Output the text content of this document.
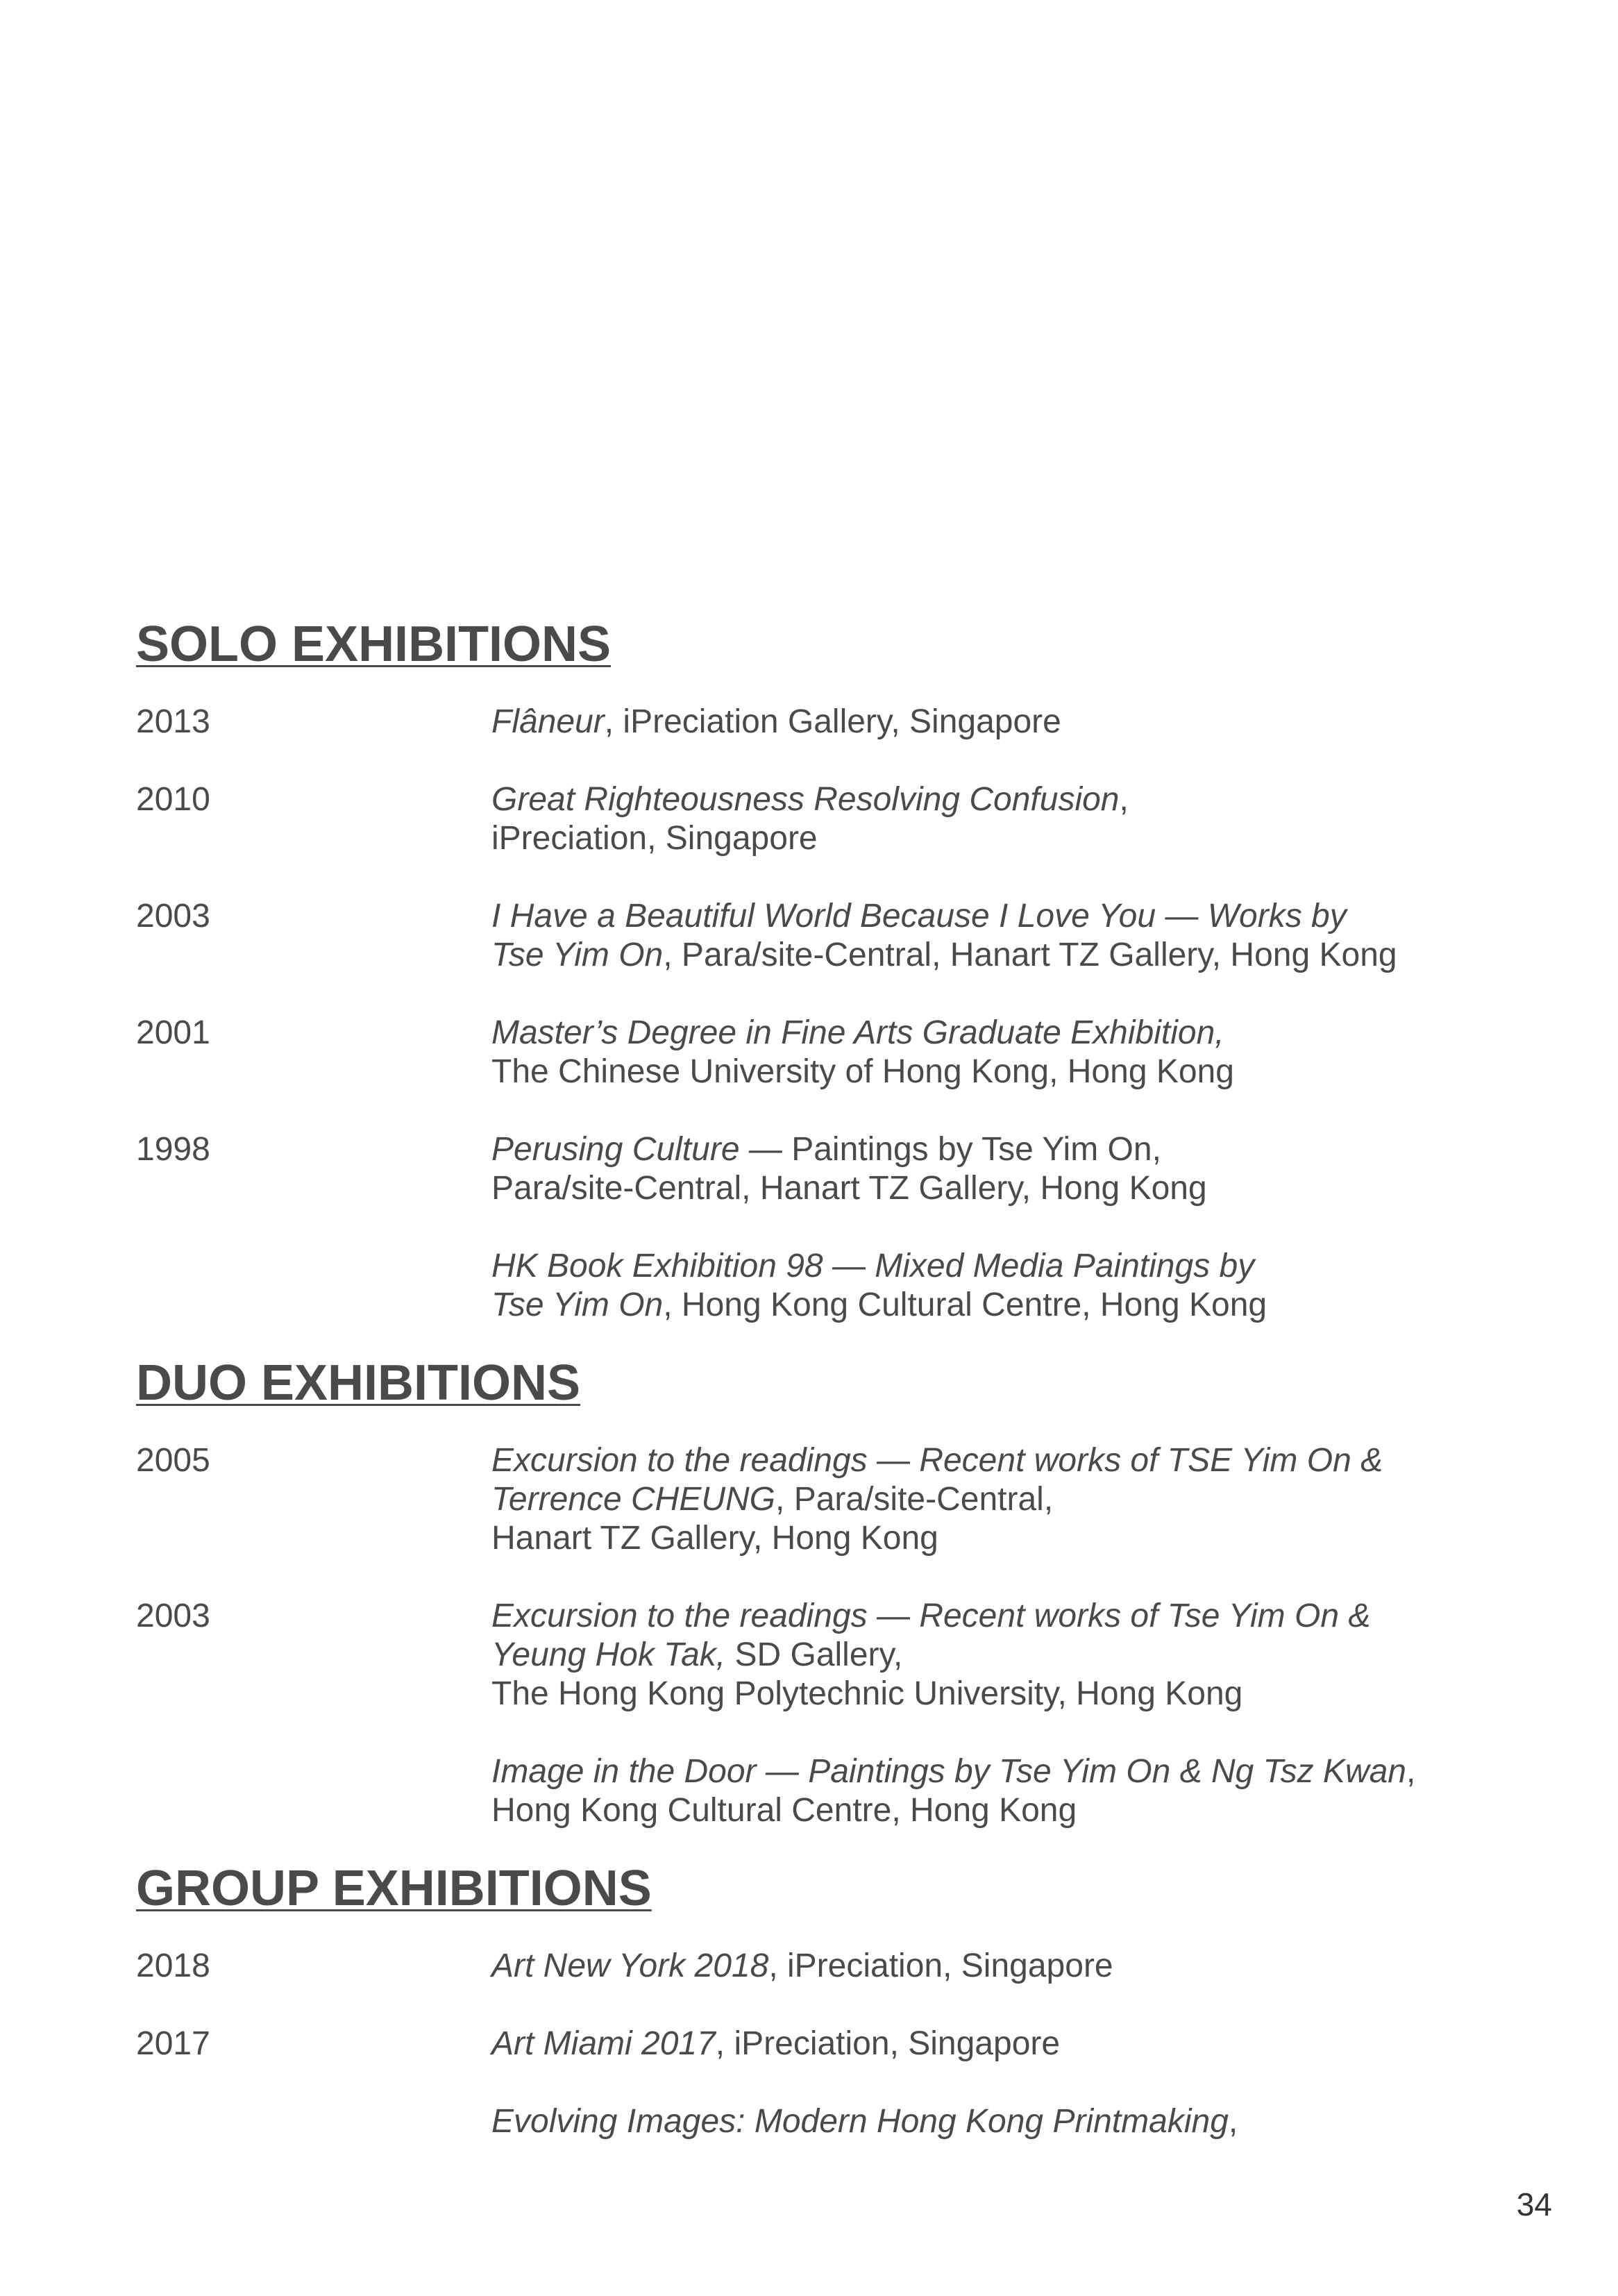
SOLO EXHIBITIONS
2013	Flâneur, iPreciation Gallery, Singapore
2010	Great Righteousness Resolving Confusion,
iPreciation, Singapore
2003	I Have a Beautiful World Because I Love You — Works by
Tse Yim On, Para/site-Central, Hanart TZ Gallery, Hong Kong
2001	Master’s Degree in Fine Arts Graduate Exhibition,
The Chinese University of Hong Kong, Hong Kong
1998	Perusing Culture — Paintings by Tse Yim On,
Para/site-Central, Hanart TZ Gallery, Hong Kong
HK Book Exhibition 98 — Mixed Media Paintings by
Tse Yim On, Hong Kong Cultural Centre, Hong Kong
DUO EXHIBITIONS
2005	Excursion to the readings — Recent works of TSE Yim On &
Terrence CHEUNG, Para/site-Central,
Hanart TZ Gallery, Hong Kong
2003	Excursion to the readings — Recent works of Tse Yim On &
Yeung Hok Tak, SD Gallery,
The Hong Kong Polytechnic University, Hong Kong
Image in the Door — Paintings by Tse Yim On & Ng Tsz Kwan,
Hong Kong Cultural Centre, Hong Kong
GROUP EXHIBITIONS
2018	Art New York 2018, iPreciation, Singapore
2017	Art Miami 2017, iPreciation, Singapore
Evolving Images: Modern Hong Kong Printmaking,
34
